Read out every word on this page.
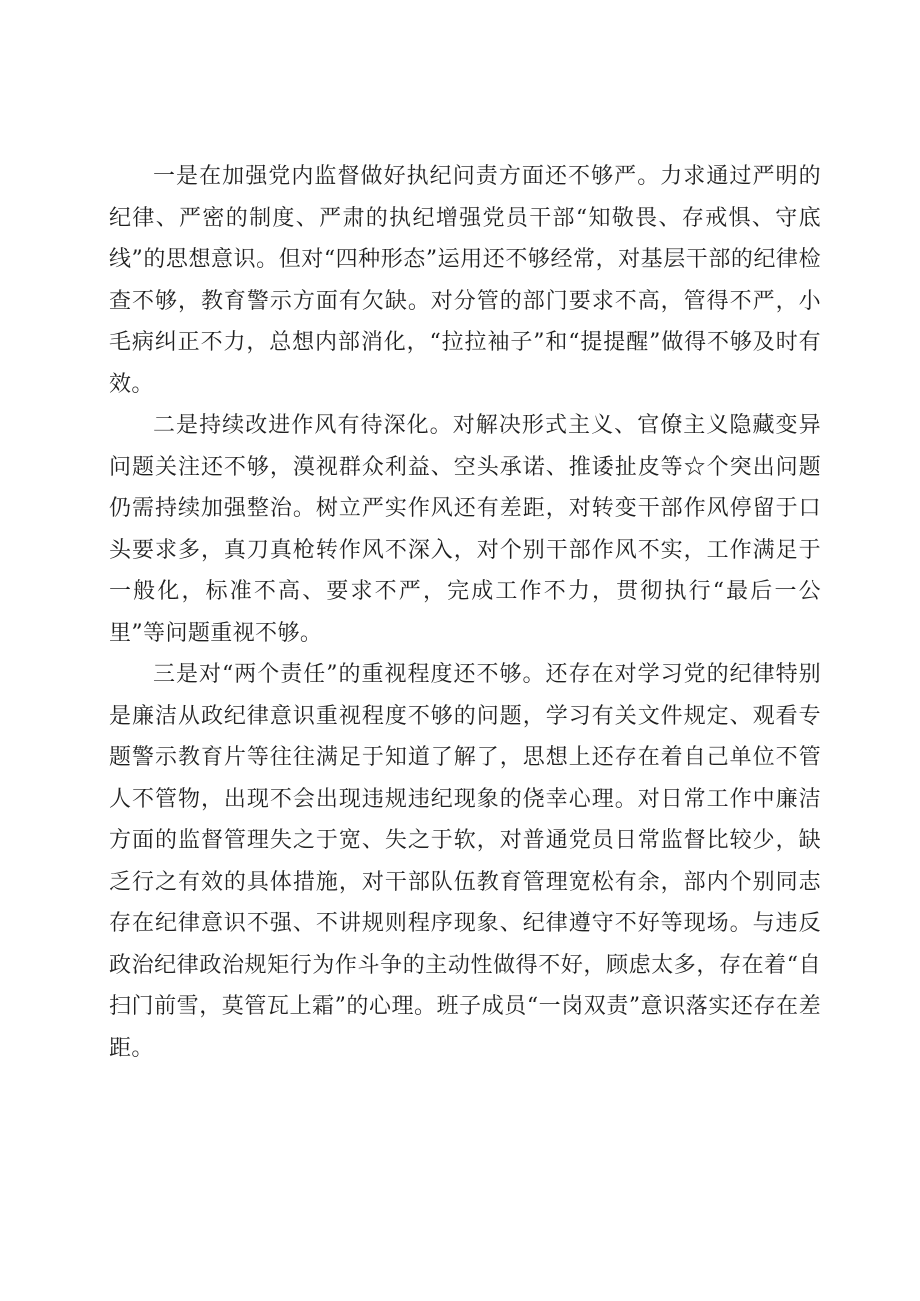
一是在加强党内监督做好执纪问责方面还不够严。力求通过严明的纪律、严密的制度、严肃的执纪增强党员干部“知敬畏、存戒惧、守底线”的思想意识。但对“四种形态”运用还不够经常，对基层干部的纪律检查不够，教育警示方面有欠缺。对分管的部门要求不高，管得不严，小毛病纠正不力，总想内部消化，“拉拉袖子”和“提提醒”做得不够及时有效。

二是持续改进作风有待深化。对解决形式主义、官僚主义隐藏变异问题关注还不够，漠视群众利益、空头承诺、推诿扯皮等☆个突出问题仍需持续加强整治。树立严实作风还有差距，对转变干部作风停留于口头要求多，真刀真枪转作风不深入，对个别干部作风不实，工作满足于一般化，标准不高、要求不严，完成工作不力，贯彻执行“最后一公里”等问题重视不够。

三是对“两个责任”的重视程度还不够。还存在对学习党的纪律特别是廉洁从政纪律意识重视程度不够的问题，学习有关文件规定、观看专题警示教育片等往往满足于知道了解了，思想上还存在着自己单位不管人不管物，出现不会出现违规违纪现象的侥幸心理。对日常工作中廉洁方面的监督管理失之于宽、失之于软，对普通党员日常监督比较少，缺乏行之有效的具体措施，对干部队伍教育管理宽松有余，部内个别同志存在纪律意识不强、不讲规则程序现象、纪律遵守不好等现场。与违反政治纪律政治规矩行为作斗争的主动性做得不好，顾虑太多，存在着“自扫门前雪，莫管瓦上霜”的心理。班子成员“一岗双责”意识落实还存在差距。
